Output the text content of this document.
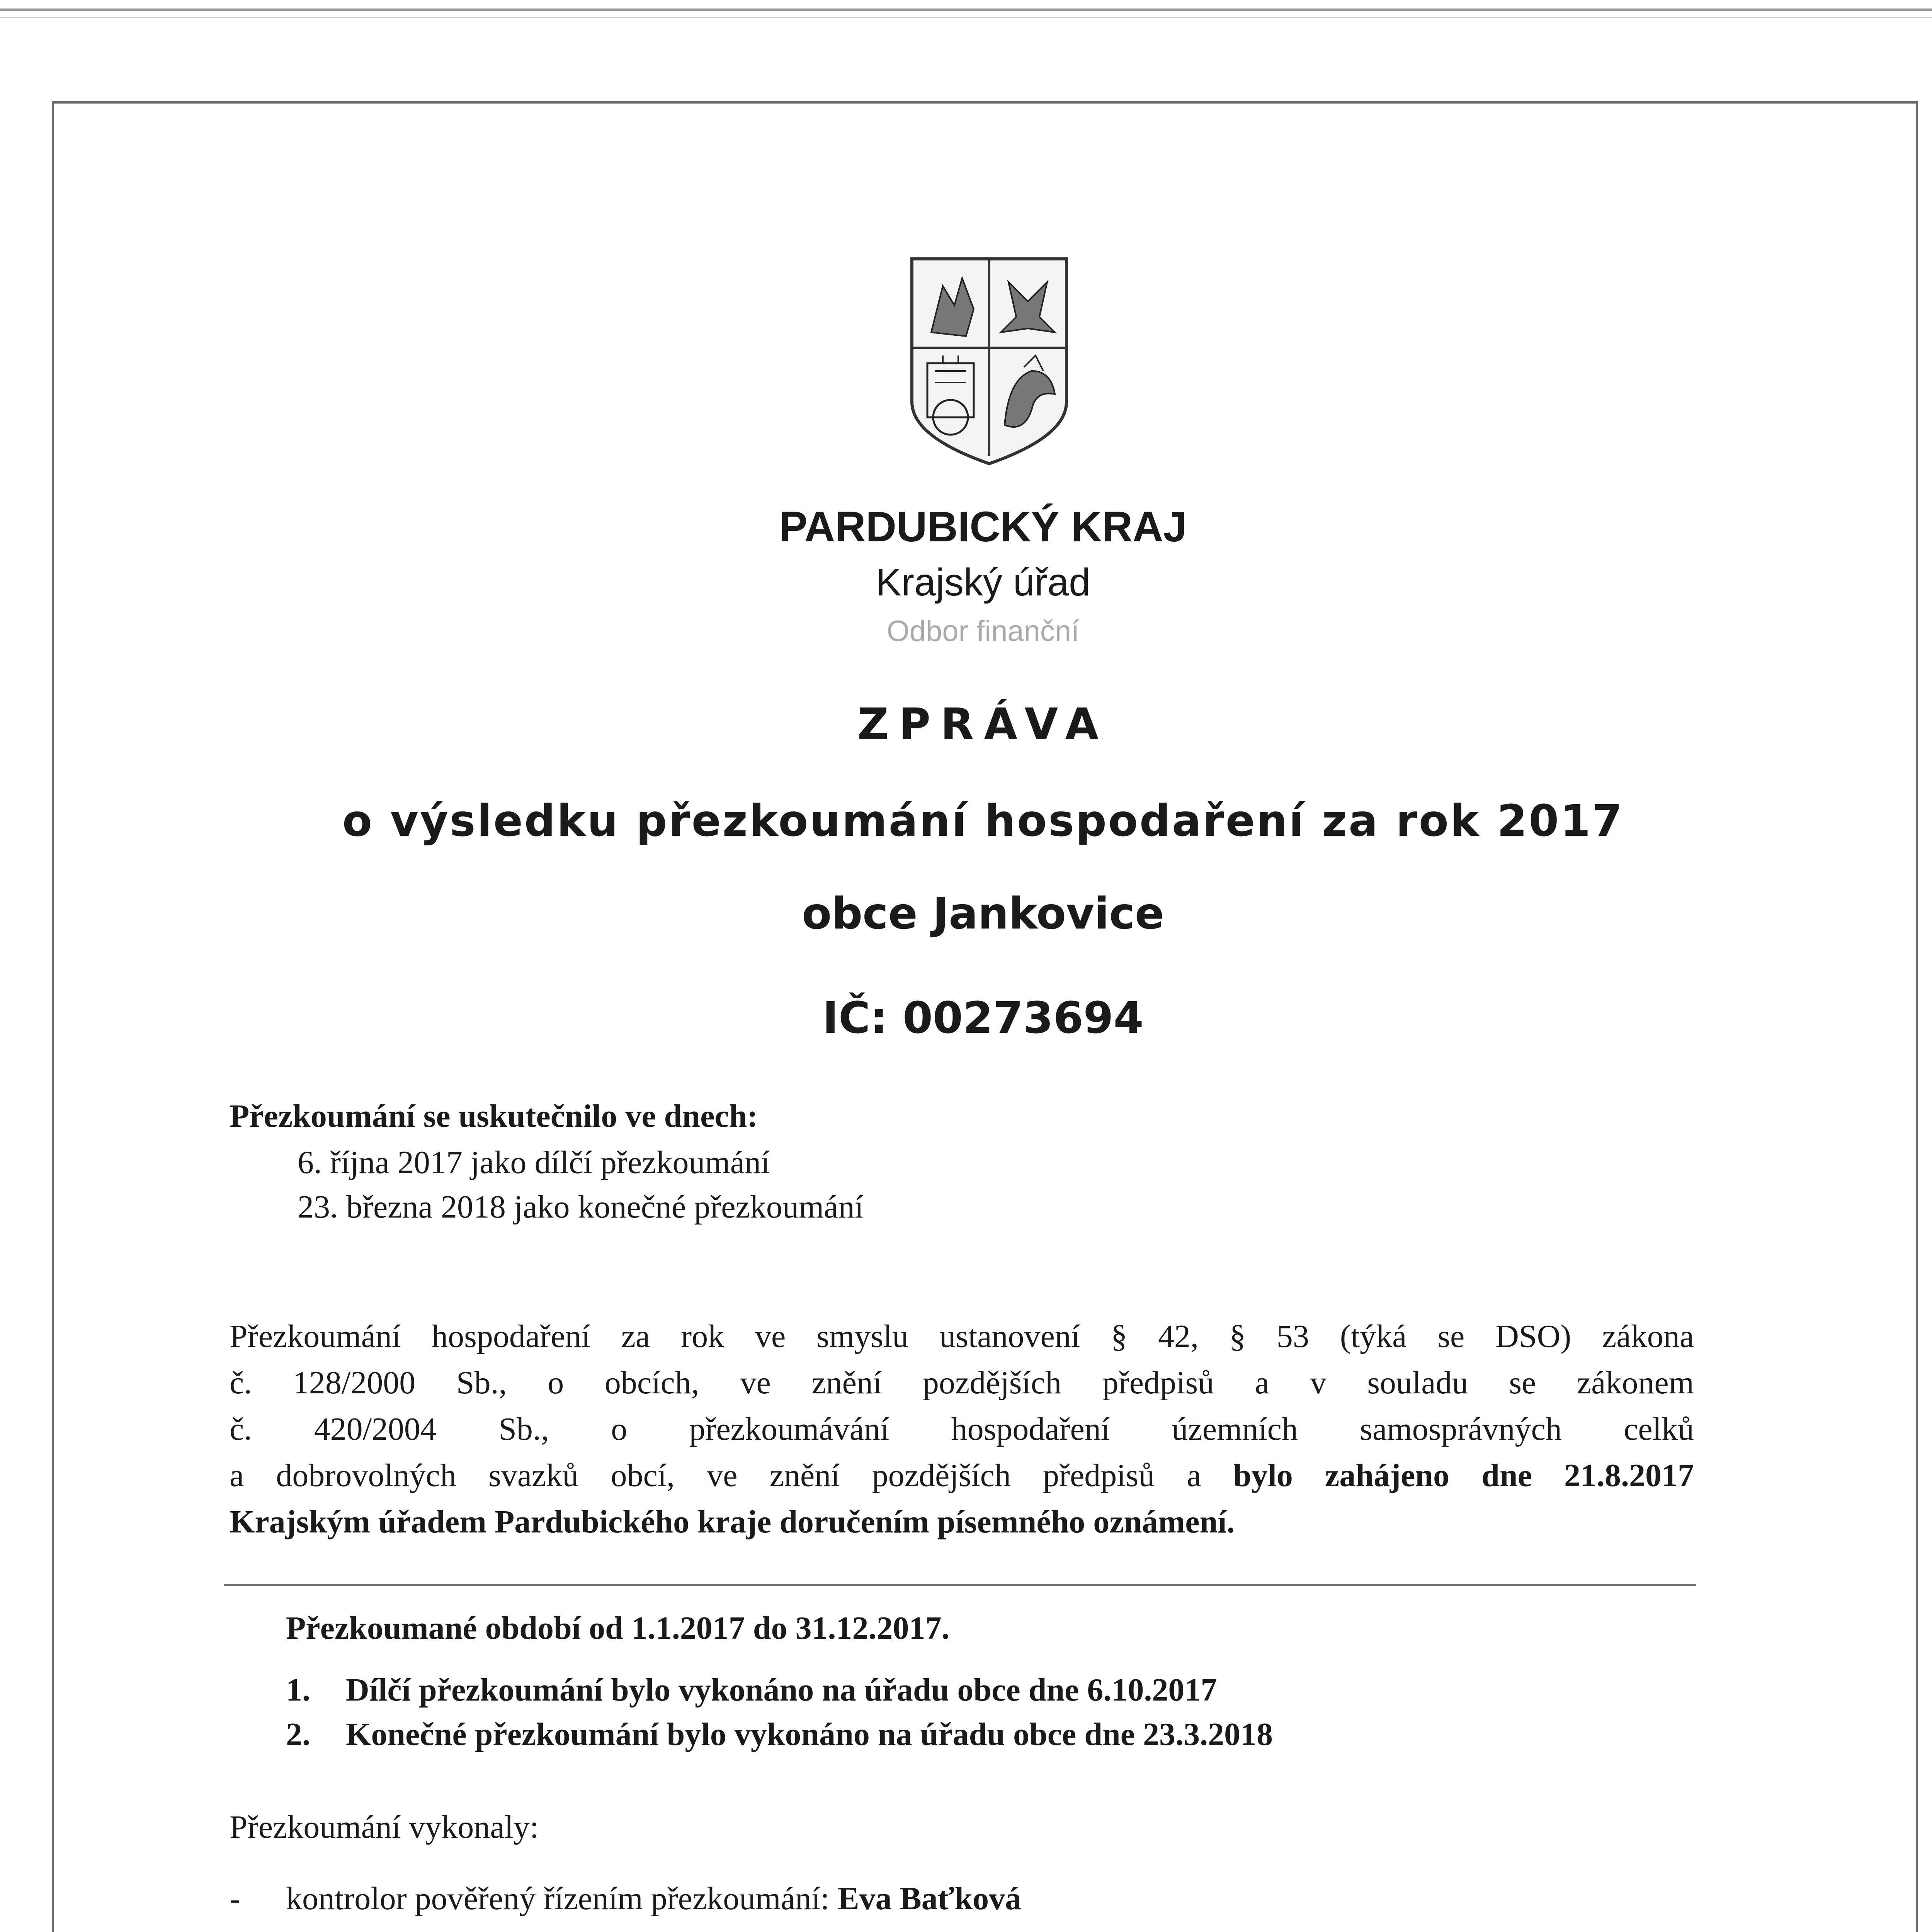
PARDUBICKÝ KRAJ
Krajský úřad
Odbor finanční
ZPRÁVA
o výsledku přezkoumání hospodaření za rok 2017
obce Jankovice
IČ: 00273694
Přezkoumání se uskutečnilo ve dnech:
6. října 2017 jako dílčí přezkoumání
23. března 2018 jako konečné přezkoumání
Přezkoumání hospodaření za rok ve smyslu ustanovení § 42, § 53 (týká se DSO) zákona
č. 128/2000 Sb., o obcích, ve znění pozdějších předpisů a v souladu se zákonem
č. 420/2004 Sb., o přezkoumávání hospodaření územních samosprávných celků
a dobrovolných svazků obcí, ve znění pozdějších předpisů a bylo zahájeno dne 21.8.2017
Krajským úřadem Pardubického kraje doručením písemného oznámení.
Přezkoumané období od 1.1.2017 do 31.12.2017.
1. Dílčí přezkoumání bylo vykonáno na úřadu obce dne 6.10.2017
2. Konečné přezkoumání bylo vykonáno na úřadu obce dne 23.3.2018
Přezkoumání vykonaly:
- kontrolor pověřený řízením přezkoumání: Eva Baťková
